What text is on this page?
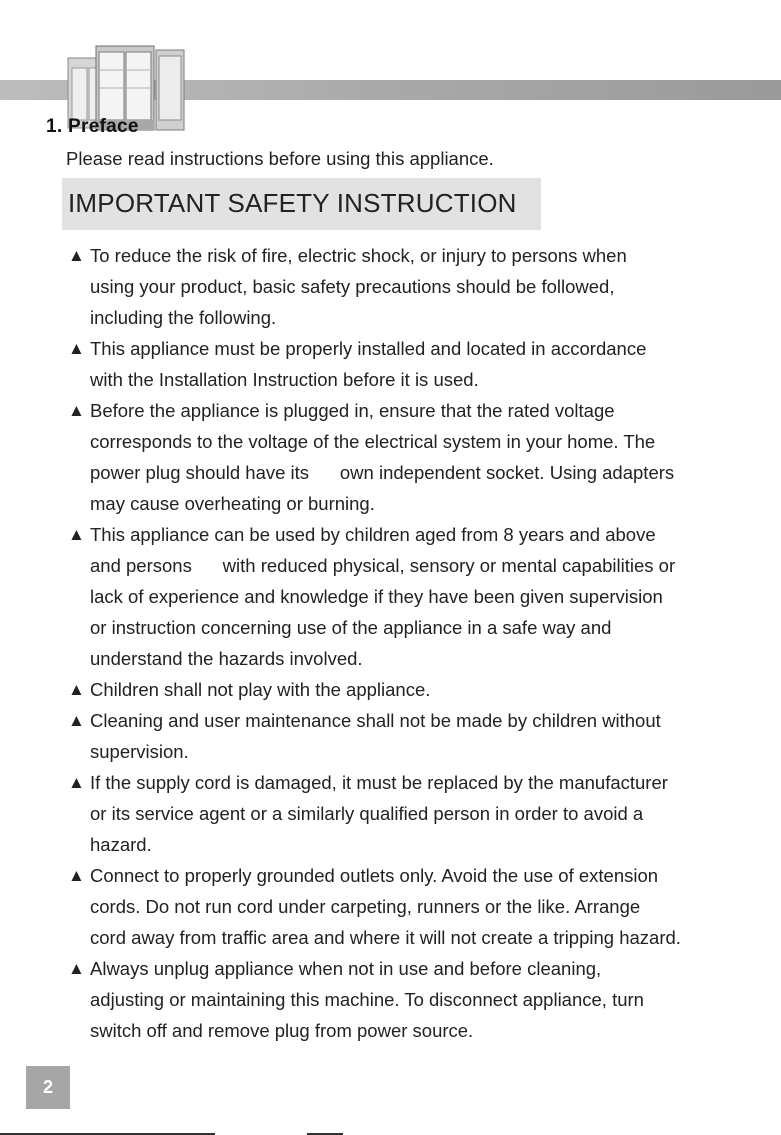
1. Preface
Please read instructions before using this appliance.
IMPORTANT SAFETY INSTRUCTION
▲ To reduce the risk of fire, electric shock, or injury to persons when
using your product, basic safety precautions should be followed,
including the following.
▲ This appliance must be properly installed and located in accordance
with the Installation Instruction before it is used.
▲ Before the appliance is plugged in, ensure that the rated voltage
corresponds to the voltage of the electrical system in your home. The
power plug should have its      own independent socket. Using adapters
may cause overheating or burning.
▲ This appliance can be used by children aged from 8 years and above
and persons      with reduced physical, sensory or mental capabilities or
lack of experience and knowledge if they have been given supervision
or instruction concerning use of the appliance in a safe way and
understand the hazards involved.
▲ Children shall not play with the appliance.
▲ Cleaning and user maintenance shall not be made by children without
supervision.
▲ If the supply cord is damaged, it must be replaced by the manufacturer
or its service agent or a similarly qualified person in order to avoid a
hazard.
▲ Connect to properly grounded outlets only. Avoid the use of extension
cords. Do not run cord under carpeting, runners or the like. Arrange
cord away from traffic area and where it will not create a tripping hazard.
▲ Always unplug appliance when not in use and before cleaning,
adjusting or maintaining this machine. To disconnect appliance, turn
switch off and remove plug from power source.
2
